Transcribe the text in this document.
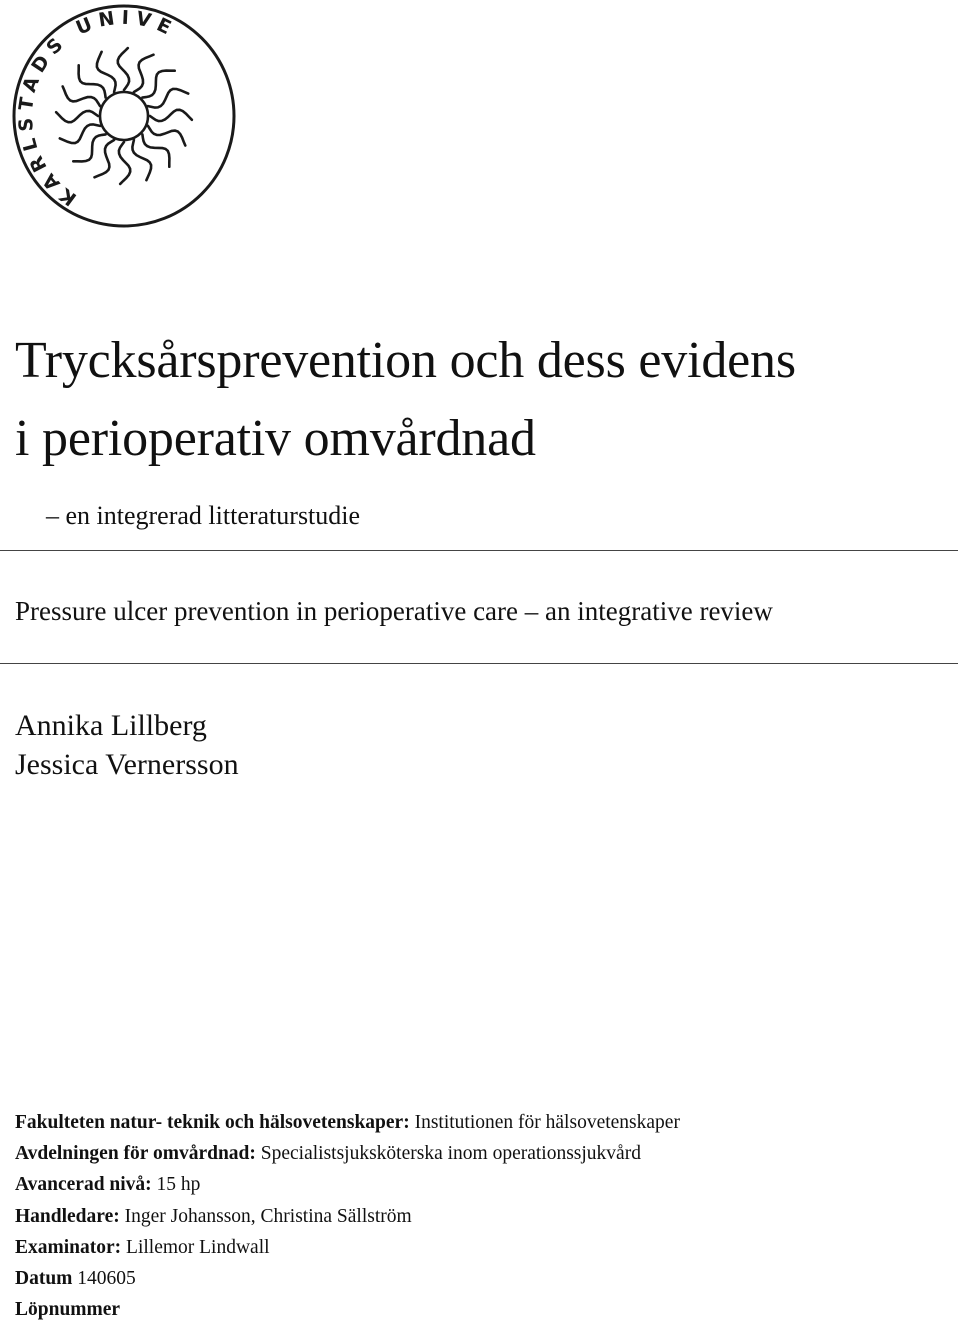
KARLSTADS UNIVERSITET
Trycksårsprevention och dess evidens
i perioperativ omvårdnad
– en integrerad litteraturstudie
Pressure ulcer prevention in perioperative care – an integrative review
Annika Lillberg
Jessica Vernersson
Fakulteten natur- teknik och hälsovetenskaper: Institutionen för hälsovetenskaper
Avdelningen för omvårdnad: Specialistsjuksköterska inom operationssjukvård
Avancerad nivå: 15 hp
Handledare: Inger Johansson, Christina Sällström
Examinator: Lillemor Lindwall
Datum 140605
Löpnummer
